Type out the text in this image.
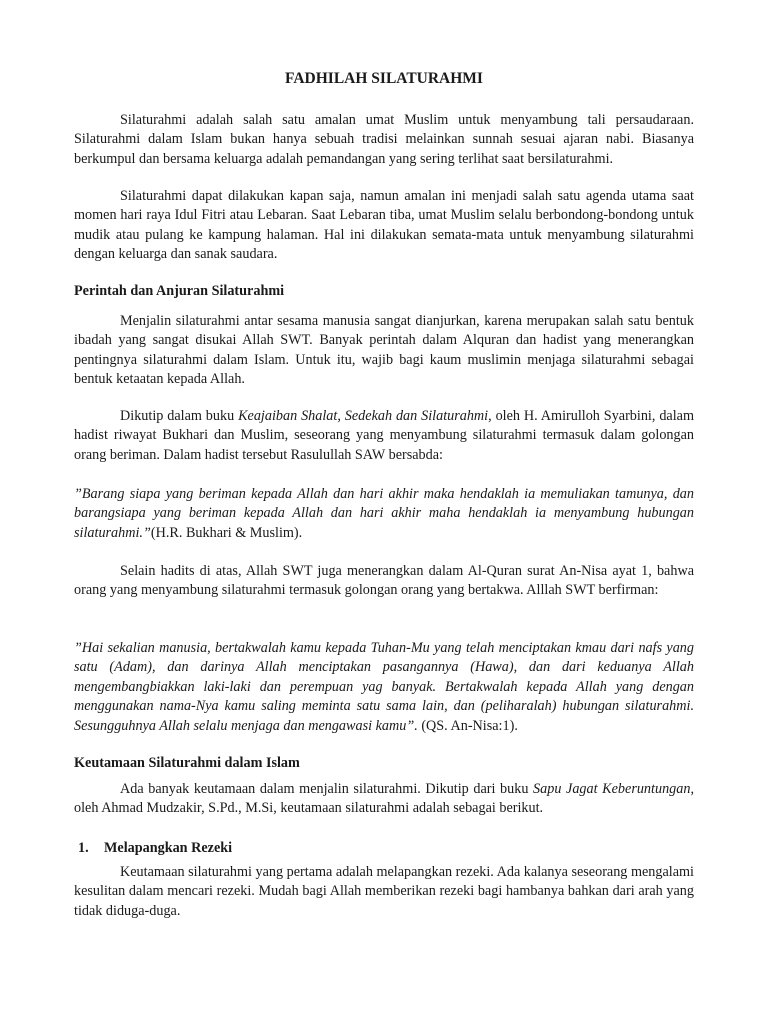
FADHILAH SILATURAHMI

Silaturahmi adalah salah satu amalan umat Muslim untuk menyambung tali persaudaraan. Silaturahmi dalam Islam bukan hanya sebuah tradisi melainkan sunnah sesuai ajaran nabi. Biasanya berkumpul dan bersama keluarga adalah pemandangan yang sering terlihat saat bersilaturahmi.

Silaturahmi dapat dilakukan kapan saja, namun amalan ini menjadi salah satu agenda utama saat momen hari raya Idul Fitri atau Lebaran. Saat Lebaran tiba, umat Muslim selalu berbondong-bondong untuk mudik atau pulang ke kampung halaman. Hal ini dilakukan semata-mata untuk menyambung silaturahmi dengan keluarga dan sanak saudara.

Perintah dan Anjuran Silaturahmi

Menjalin silaturahmi antar sesama manusia sangat dianjurkan, karena merupakan salah satu bentuk ibadah yang sangat disukai Allah SWT. Banyak perintah dalam Alquran dan hadist yang menerangkan pentingnya silaturahmi dalam Islam. Untuk itu, wajib bagi kaum muslimin menjaga silaturahmi sebagai bentuk ketaatan kepada Allah.

Dikutip dalam buku Keajaiban Shalat, Sedekah dan Silaturahmi, oleh H. Amirulloh Syarbini, dalam hadist riwayat Bukhari dan Muslim, seseorang yang menyambung silaturahmi termasuk dalam golongan orang beriman. Dalam hadist tersebut Rasulullah SAW bersabda:

”Barang siapa yang beriman kepada Allah dan hari akhir maka hendaklah ia memuliakan tamunya, dan barangsiapa yang beriman kepada Allah dan hari akhir maha hendaklah ia menyambung hubungan silaturahmi.”(H.R. Bukhari & Muslim).

Selain hadits di atas, Allah SWT juga menerangkan dalam Al-Quran surat An-Nisa ayat 1, bahwa orang yang menyambung silaturahmi termasuk golongan orang yang bertakwa. Alllah SWT berfirman:

”Hai sekalian manusia, bertakwalah kamu kepada Tuhan-Mu yang telah menciptakan kmau dari nafs yang satu (Adam), dan darinya Allah menciptakan pasangannya (Hawa), dan dari keduanya Allah mengembangbiakkan laki-laki dan perempuan yag banyak. Bertakwalah kepada Allah yang dengan menggunakan nama-Nya kamu saling meminta satu sama lain, dan (peliharalah) hubungan silaturahmi. Sesungguhnya Allah selalu menjaga dan mengawasi kamu”. (QS. An-Nisa:1).

Keutamaan Silaturahmi dalam Islam

Ada banyak keutamaan dalam menjalin silaturahmi. Dikutip dari buku Sapu Jagat Keberuntungan, oleh Ahmad Mudzakir, S.Pd., M.Si, keutamaan silaturahmi adalah sebagai berikut.

1. Melapangkan Rezeki

Keutamaan silaturahmi yang pertama adalah melapangkan rezeki. Ada kalanya seseorang mengalami kesulitan dalam mencari rezeki. Mudah bagi Allah memberikan rezeki bagi hambanya bahkan dari arah yang tidak diduga-duga.
